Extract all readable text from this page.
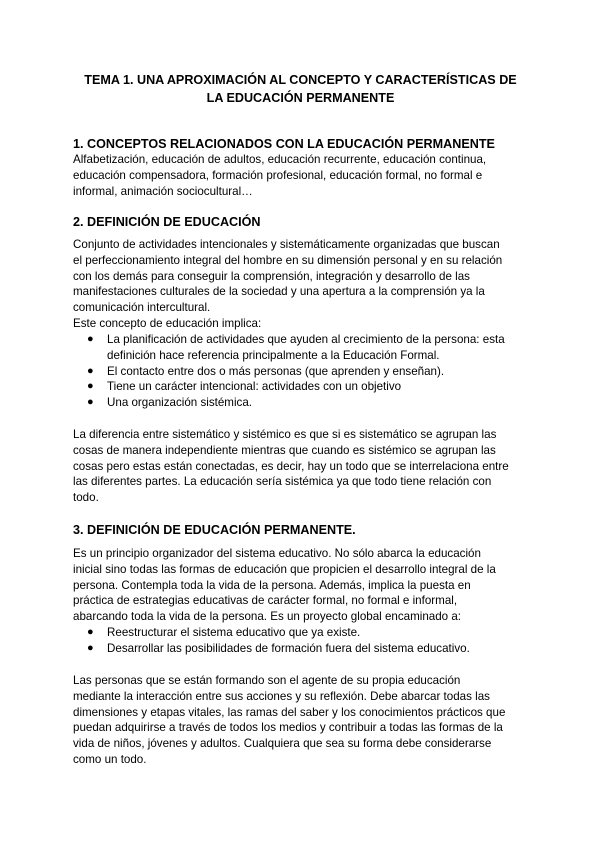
TEMA 1. UNA APROXIMACIÓN AL CONCEPTO Y CARACTERÍSTICAS DE
LA EDUCACIÓN PERMANENTE
1. CONCEPTOS RELACIONADOS CON LA EDUCACIÓN PERMANENTE

Alfabetización, educación de adultos, educación recurrente, educación continua,
educación compensadora, formación profesional, educación formal, no formal e
informal, animación sociocultural…

2. DEFINICIÓN DE EDUCACIÓN

Conjunto de actividades intencionales y sistemáticamente organizadas que buscan
el perfeccionamiento integral del hombre en su dimensión personal y en su relación
con los demás para conseguir la comprensión, integración y desarrollo de las
manifestaciones culturales de la sociedad y una apertura a la comprensión ya la
comunicación intercultural.
Este concepto de educación implica:

● La planificación de actividades que ayuden al crecimiento de la persona: esta
definición hace referencia principalmente a la Educación Formal.
● El contacto entre dos o más personas (que aprenden y enseñan).
● Tiene un carácter intencional: actividades con un objetivo
● Una organización sistémica.

La diferencia entre sistemático y sistémico es que si es sistemático se agrupan las
cosas de manera independiente mientras que cuando es sistémico se agrupan las
cosas pero estas están conectadas, es decir, hay un todo que se interrelaciona entre
las diferentes partes. La educación sería sistémica ya que todo tiene relación con
todo.

3. DEFINICIÓN DE EDUCACIÓN PERMANENTE.

Es un principio organizador del sistema educativo. No sólo abarca la educación
inicial sino todas las formas de educación que propicien el desarrollo integral de la
persona. Contempla toda la vida de la persona. Además, implica la puesta en
práctica de estrategias educativas de carácter formal, no formal e informal,
abarcando toda la vida de la persona. Es un proyecto global encaminado a:

● Reestructurar el sistema educativo que ya existe.
● Desarrollar las posibilidades de formación fuera del sistema educativo.

Las personas que se están formando son el agente de su propia educación
mediante la interacción entre sus acciones y su reflexión. Debe abarcar todas las
dimensiones y etapas vitales, las ramas del saber y los conocimientos prácticos que
puedan adquirirse a través de todos los medios y contribuir a todas las formas de la
vida de niños, jóvenes y adultos. Cualquiera que sea su forma debe considerarse
como un todo.
